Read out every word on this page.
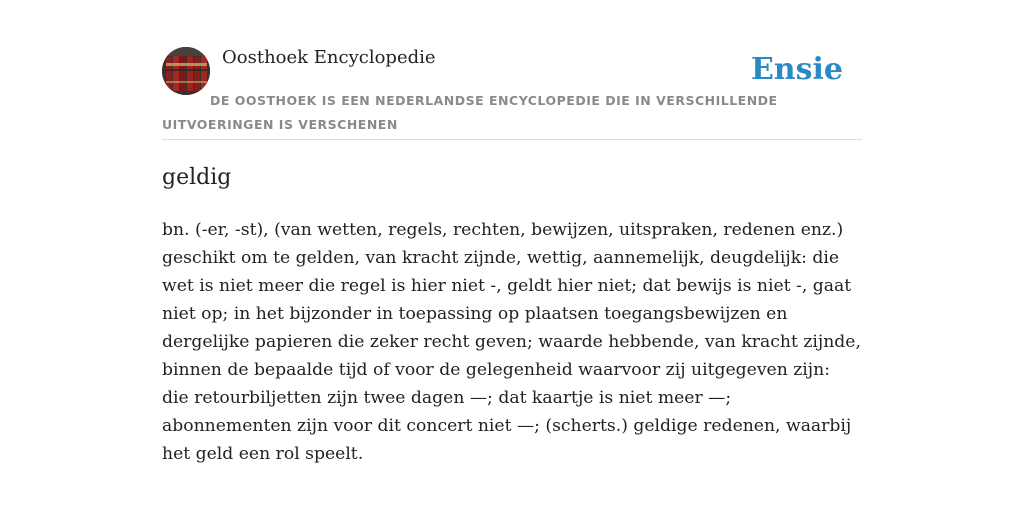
Oosthoek Encyclopedie	Ensie
DE OOSTHOEK IS EEN NEDERLANDSE ENCYCLOPEDIE DIE IN VERSCHILLENDE UITVOERINGEN IS VERSCHENEN
geldig

bn. (-er, -st), (van wetten, regels, rechten, bewijzen, uitspraken, redenen enz.) geschikt om te gelden, van kracht zijnde, wettig, aannemelijk, deugdelijk: die wet is niet meer die regel is hier niet -, geldt hier niet; dat bewijs is niet -, gaat niet op; in het bijzonder in toepassing op plaatsen toegangsbewijzen en dergelijke papieren die zeker recht geven; waarde hebbende, van kracht zijnde, binnen de bepaalde tijd of voor de gelegenheid waarvoor zij uitgegeven zijn: die retourbiljetten zijn twee dagen —; dat kaartje is niet meer —; abonnementen zijn voor dit concert niet —; (scherts.) geldige redenen, waarbij het geld een rol speelt.
